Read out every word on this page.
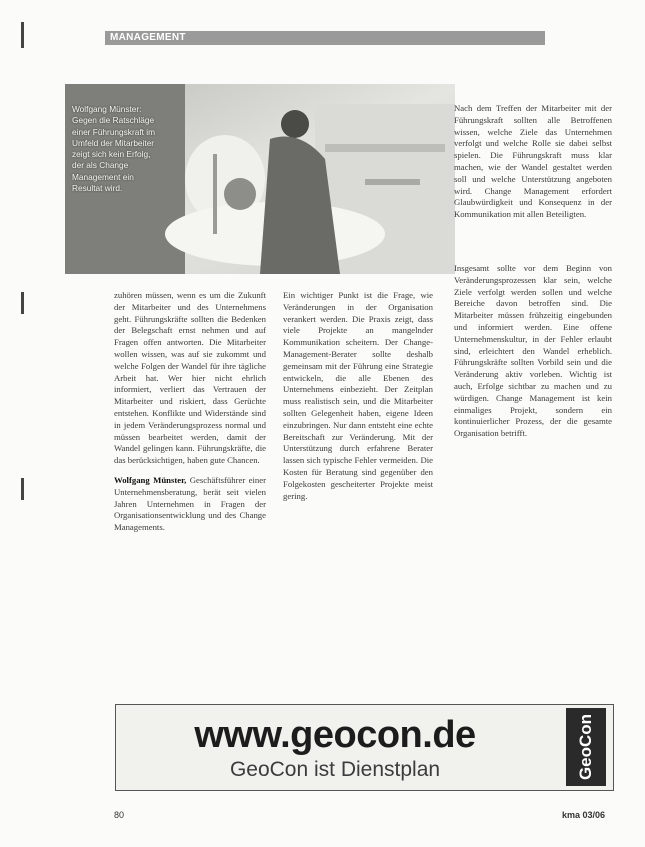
MANAGEMENT
Wolfgang Münster: Gegen die Ratschläge einer Führungskraft im Umfeld der Mitarbeiter zeigt sich kein Erfolg, der als Change Management ein Resultat wird.

Nach dem Treffen der Mitarbeiter mit der Führungskraft sollten alle Betroffenen wissen, welche Ziele das Unternehmen verfolgt und welche Rolle sie dabei selbst spielen. Die Führungskraft muss klar machen, wie der Wandel gestaltet werden soll und welche Unterstützung angeboten wird. Change Management erfordert Glaubwürdigkeit und Konsequenz in der Kommunikation mit allen Beteiligten.

Insgesamt sollte vor dem Beginn von Veränderungsprozessen klar sein, welche Ziele verfolgt werden sollen und welche Bereiche davon betroffen sind. Die Mitarbeiter müssen frühzeitig eingebunden und informiert werden. Eine offene Unternehmenskultur, in der Fehler erlaubt sind, erleichtert den Wandel erheblich. Führungskräfte sollten Vorbild sein und die Veränderung aktiv vorleben. Wichtig ist auch, Erfolge sichtbar zu machen und zu würdigen. Change Management ist kein einmaliges Projekt, sondern ein kontinuierlicher Prozess, der die gesamte Organisation betrifft.

zuhören müssen, wenn es um die Zukunft der Mitarbeiter und des Unternehmens geht. Führungskräfte sollten die Bedenken der Belegschaft ernst nehmen und auf Fragen offen antworten. Die Mitarbeiter wollen wissen, was auf sie zukommt und welche Folgen der Wandel für ihre tägliche Arbeit hat. Wer hier nicht ehrlich informiert, verliert das Vertrauen der Mitarbeiter und riskiert, dass Gerüchte entstehen. Konflikte und Widerstände sind in jedem Veränderungsprozess normal und müssen bearbeitet werden, damit der Wandel gelingen kann. Führungskräfte, die das berücksichtigen, haben gute Chancen.

Wolfgang Münster, Geschäftsführer einer Unternehmensberatung, berät seit vielen Jahren Unternehmen in Fragen der Organisationsentwicklung und des Change Managements.

Ein wichtiger Punkt ist die Frage, wie Veränderungen in der Organisation verankert werden. Die Praxis zeigt, dass viele Projekte an mangelnder Kommunikation scheitern. Der Change-Management-Berater sollte deshalb gemeinsam mit der Führung eine Strategie entwickeln, die alle Ebenen des Unternehmens einbezieht. Der Zeitplan muss realistisch sein, und die Mitarbeiter sollten Gelegenheit haben, eigene Ideen einzubringen. Nur dann entsteht eine echte Bereitschaft zur Veränderung. Mit der Unterstützung durch erfahrene Berater lassen sich typische Fehler vermeiden. Die Kosten für Beratung sind gegenüber den Folgekosten gescheiterter Projekte meist gering.

www.geocon.de
GeoCon ist Dienstplan	GeoCon
80	kma 03/06
